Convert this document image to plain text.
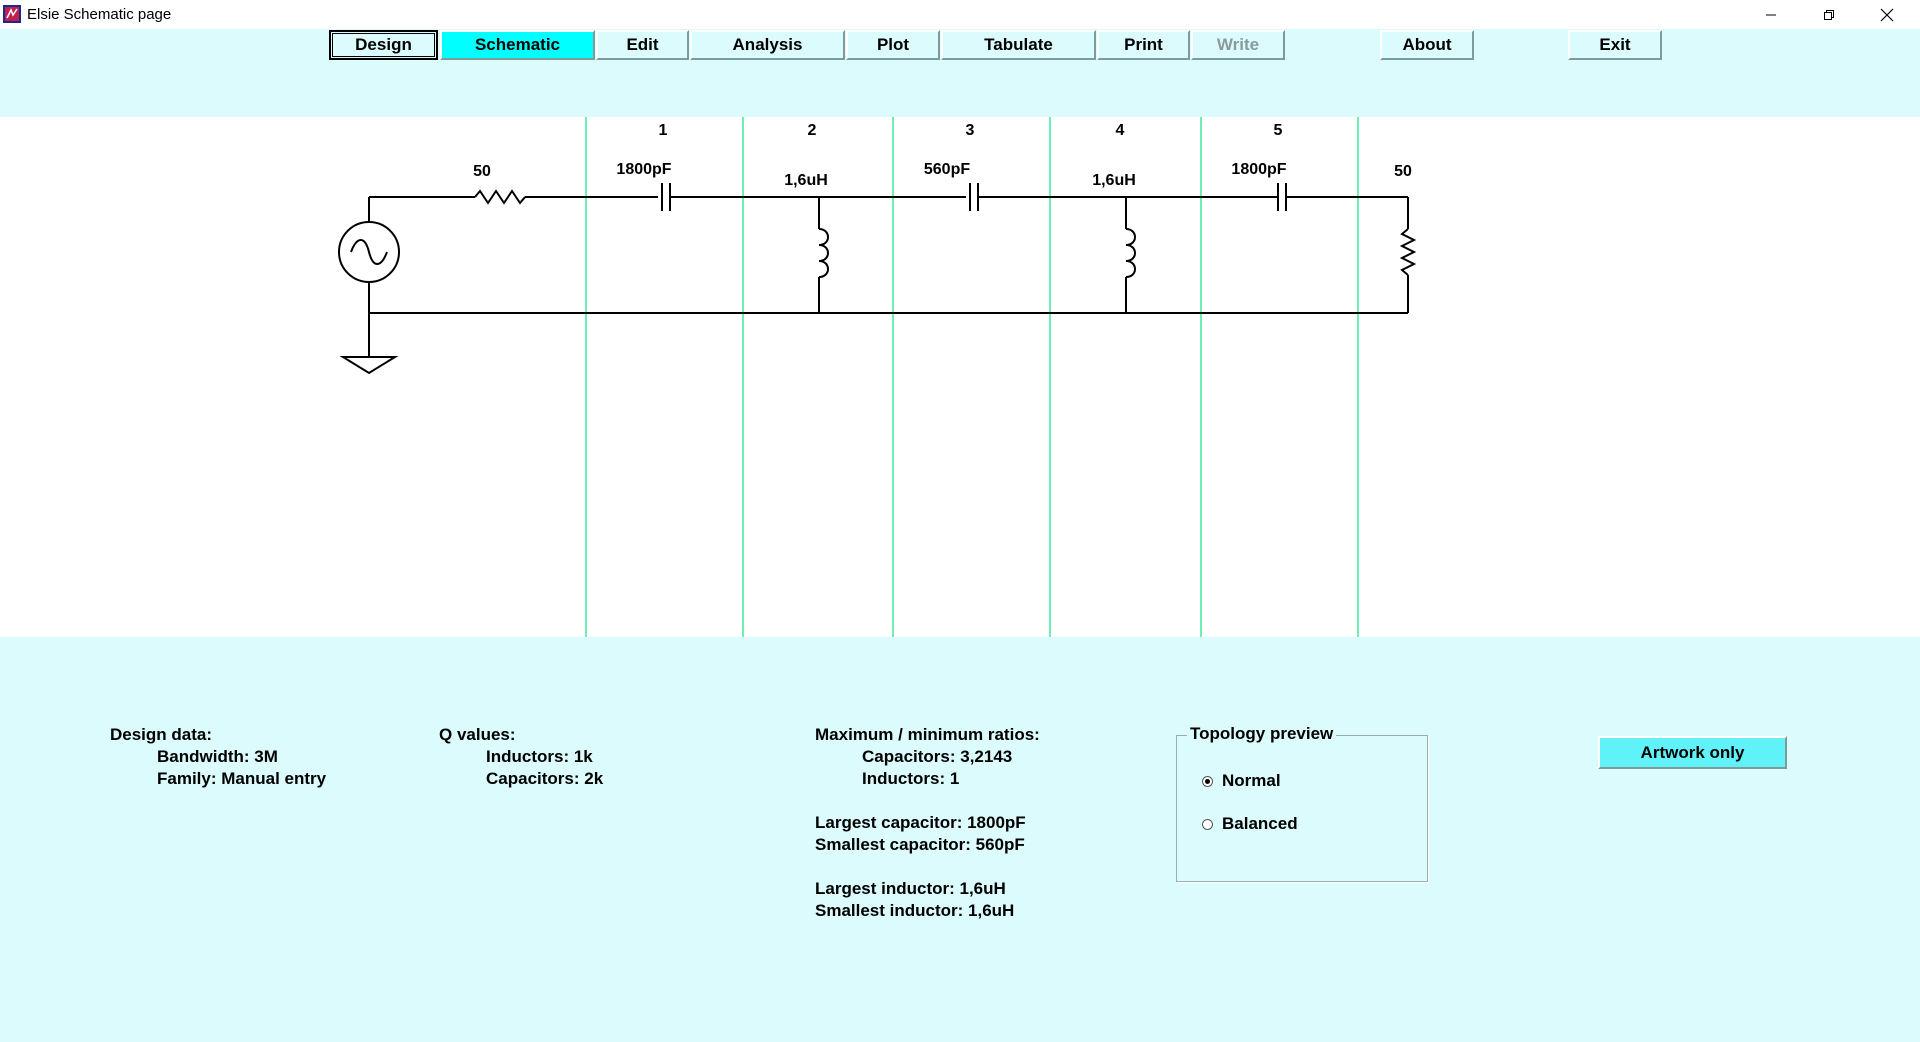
Elsie Schematic page
Design	Schematic	Edit	Analysis	Plot	Tabulate	Print	Write	About	Exit
50	50
1	2	3	4	5
1800pF
1,6uH
560pF
1,6uH
1800pF
Design data:
Bandwidth: 3M
Family: Manual entry
Q values:
Inductors: 1k
Capacitors: 2k
Maximum / minimum ratios:
Capacitors: 3,2143
Inductors: 1
Largest capacitor: 1800pF
Smallest capacitor: 560pF
Largest inductor: 1,6uH
Smallest inductor: 1,6uH
Topology preview
Normal
Balanced
Artwork only
